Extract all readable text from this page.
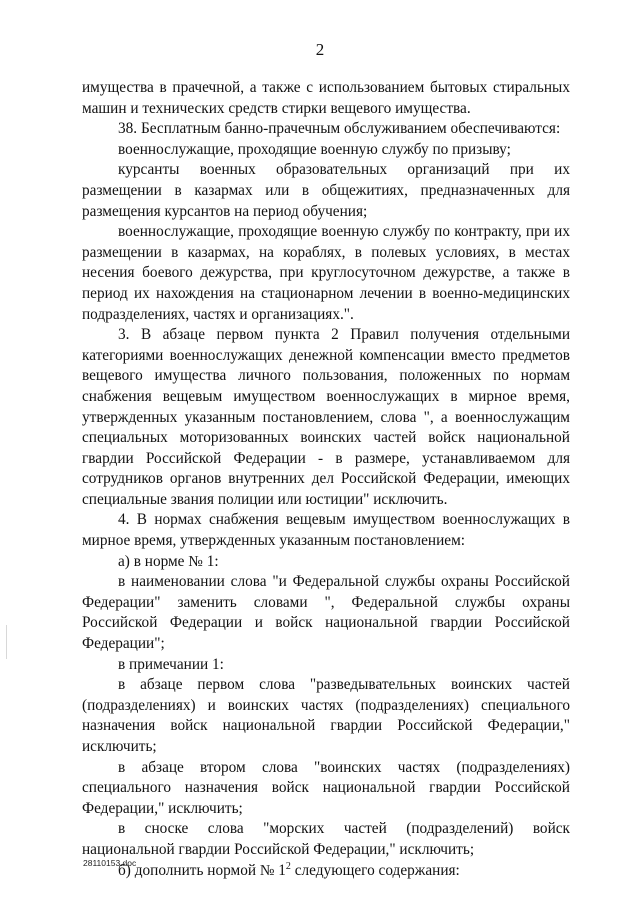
2

имущества в прачечной, а также с использованием бытовых стиральных машин и технических средств стирки вещевого имущества.

38. Бесплатным банно-прачечным обслуживанием обеспечиваются:

военнослужащие, проходящие военную службу по призыву;

курсанты военных образовательных организаций при их размещении в казармах или в общежитиях, предназначенных для размещения курсантов на период обучения;

военнослужащие, проходящие военную службу по контракту, при их размещении в казармах, на кораблях, в полевых условиях, в местах несения боевого дежурства, при круглосуточном дежурстве, а также в период их нахождения на стационарном лечении в военно-медицинских подразделениях, частях и организациях.".

3. В абзаце первом пункта 2 Правил получения отдельными категориями военнослужащих денежной компенсации вместо предметов вещевого имущества личного пользования, положенных по нормам снабжения вещевым имуществом военнослужащих в мирное время, утвержденных указанным постановлением, слова ", а военнослужащим специальных моторизованных воинских частей войск национальной гвардии Российской Федерации - в размере, устанавливаемом для сотрудников органов внутренних дел Российской Федерации, имеющих специальные звания полиции или юстиции" исключить.

4. В нормах снабжения вещевым имуществом военнослужащих в мирное время, утвержденных указанным постановлением:

а) в норме № 1:

в наименовании слова "и Федеральной службы охраны Российской Федерации" заменить словами ", Федеральной службы охраны Российской Федерации и войск национальной гвардии Российской Федерации";

в примечании 1:

в абзаце первом слова "разведывательных воинских частей (подразделениях) и воинских частях (подразделениях) специального назначения войск национальной гвардии Российской Федерации," исключить;

в абзаце втором слова "воинских частях (подразделениях) специального назначения войск национальной гвардии Российской Федерации," исключить;

в сноске слова "морских частей (подразделений) войск национальной гвардии Российской Федерации," исключить;

б) дополнить нормой № $1^2$ следующего содержания:

28110153.doc
